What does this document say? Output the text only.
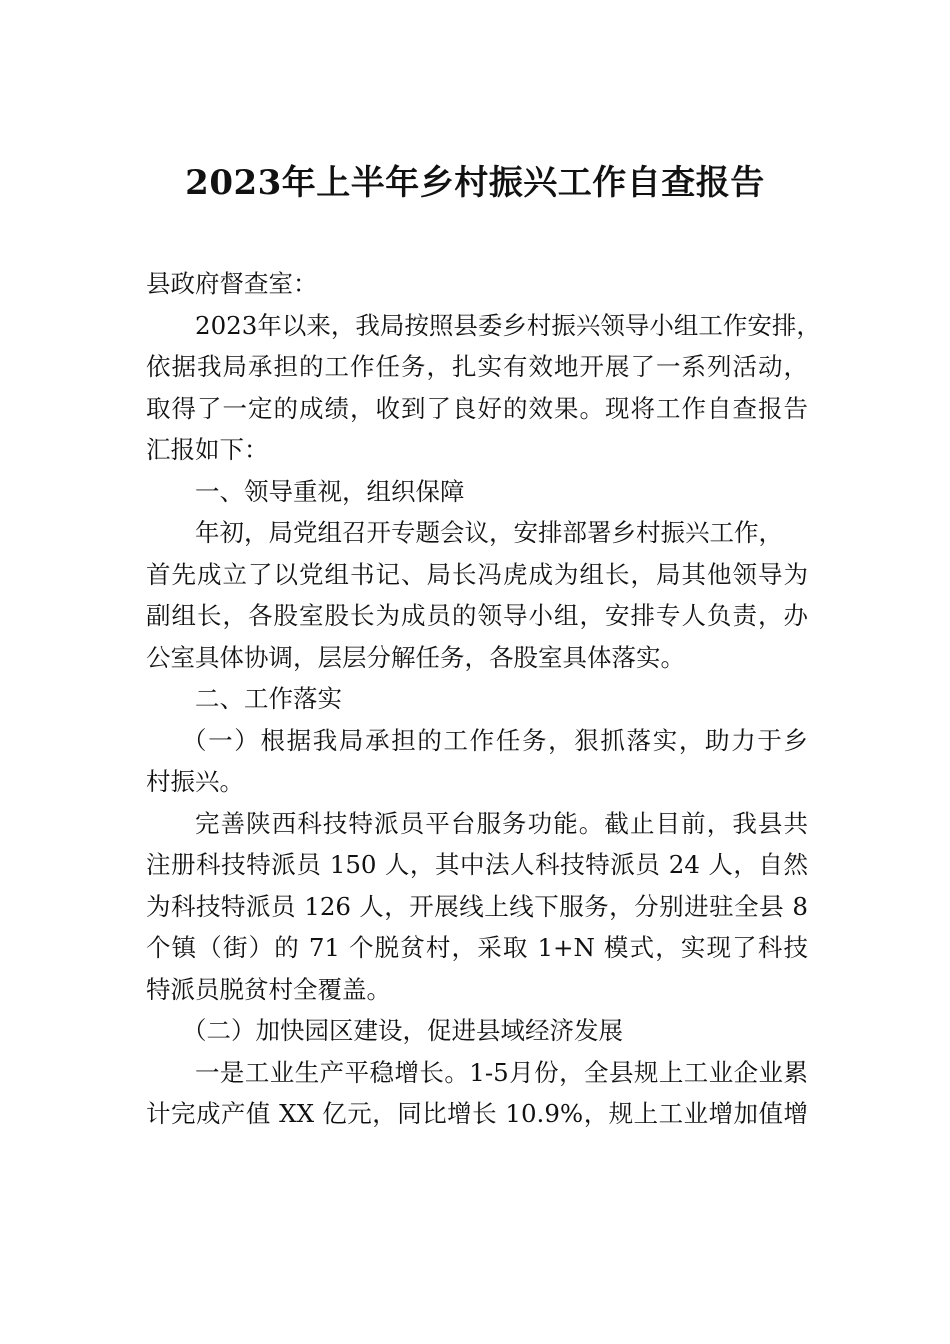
2023年上半年乡村振兴工作自查报告
县政府督查室：
2023年以来，我局按照县委乡村振兴领导小组工作安排，
依据我局承担的工作任务，扎实有效地开展了一系列活动，
取得了一定的成绩，收到了良好的效果。现将工作自查报告
汇报如下：
一、领导重视，组织保障
年初，局党组召开专题会议，安排部署乡村振兴工作，
首先成立了以党组书记、局长冯虎成为组长，局其他领导为
副组长，各股室股长为成员的领导小组，安排专人负责，办
公室具体协调，层层分解任务，各股室具体落实。
二、工作落实
（一）根据我局承担的工作任务，狠抓落实，助力于乡
村振兴。
完善陕西科技特派员平台服务功能。截止目前，我县共
注册科技特派员 150 人，其中法人科技特派员 24 人，自然
为科技特派员 126 人，开展线上线下服务，分别进驻全县 8
个镇（街）的 71 个脱贫村，采取 1+N 模式，实现了科技
特派员脱贫村全覆盖。
（二）加快园区建设，促进县域经济发展
一是工业生产平稳增长。1-5月份，全县规上工业企业累
计完成产值 XX 亿元，同比增长 10.9%，规上工业增加值增
